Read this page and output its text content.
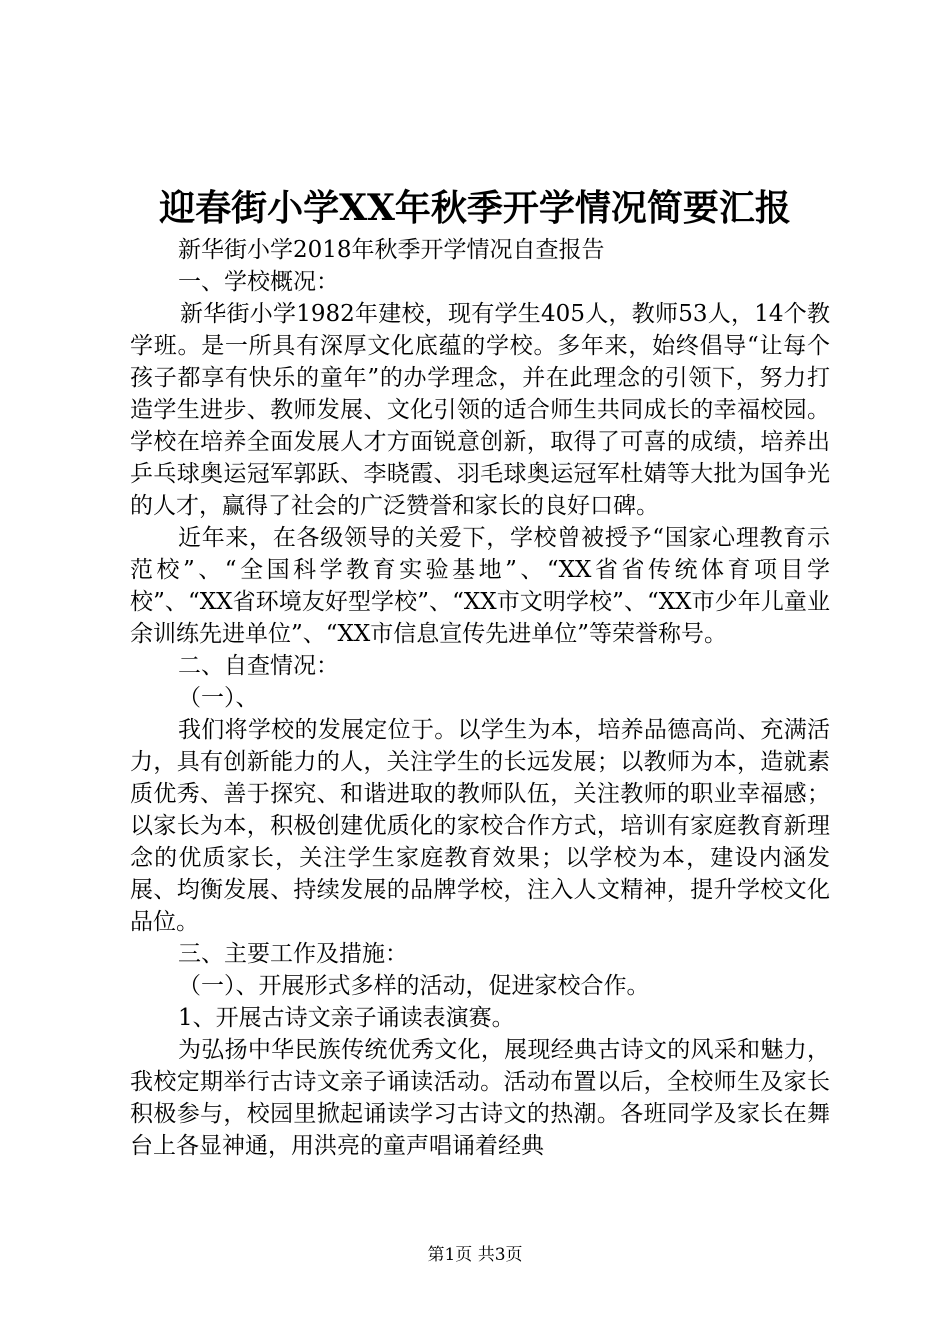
迎春街小学XX年秋季开学情况简要汇报

新华街小学2018年秋季开学情况自查报告

一、学校概况：

新华街小学1982年建校，现有学生405人，教师53人，14个教学班。是一所具有深厚文化底蕴的学校。多年来，始终倡导“让每个孩子都享有快乐的童年”的办学理念，并在此理念的引领下，努力打造学生进步、教师发展、文化引领的适合师生共同成长的幸福校园。学校在培养全面发展人才方面锐意创新，取得了可喜的成绩，培养出乒乓球奥运冠军郭跃、李晓霞、羽毛球奥运冠军杜婧等大批为国争光的人才，赢得了社会的广泛赞誉和家长的良好口碑。

近年来，在各级领导的关爱下，学校曾被授予“国家心理教育示范校”、“全国科学教育实验基地”、“XX省省传统体育项目学校”、“XX省环境友好型学校”、“XX市文明学校”、“XX市少年儿童业余训练先进单位”、“XX市信息宣传先进单位”等荣誉称号。

二、自查情况：

（一）、

我们将学校的发展定位于。以学生为本，培养品德高尚、充满活力，具有创新能力的人，关注学生的长远发展；以教师为本，造就素质优秀、善于探究、和谐进取的教师队伍，关注教师的职业幸福感；以家长为本，积极创建优质化的家校合作方式，培训有家庭教育新理念的优质家长，关注学生家庭教育效果；以学校为本，建设内涵发展、均衡发展、持续发展的品牌学校，注入人文精神，提升学校文化品位。

三、主要工作及措施：

（一）、开展形式多样的活动，促进家校合作。

1、开展古诗文亲子诵读表演赛。

为弘扬中华民族传统优秀文化，展现经典古诗文的风采和魅力，我校定期举行古诗文亲子诵读活动。活动布置以后，全校师生及家长积极参与，校园里掀起诵读学习古诗文的热潮。各班同学及家长在舞台上各显神通，用洪亮的童声唱诵着经典

第1页 共3页
